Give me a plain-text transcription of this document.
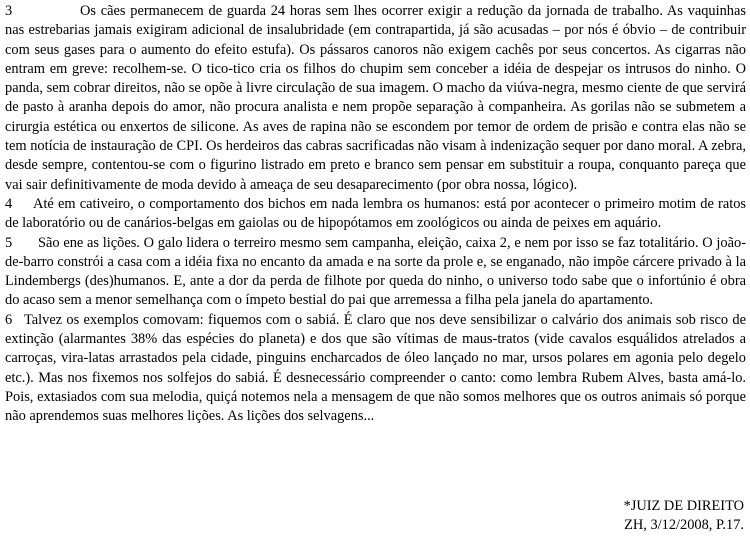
3	Os cães permanecem de guarda 24 horas sem lhes ocorrer exigir a redução da jornada de trabalho. As vaquinhas nas estrebarias jamais exigiram adicional de insalubridade (em contrapartida, já são acusadas – por nós é óbvio – de contribuir com seus gases para o aumento do efeito estufa). Os pássaros canoros não exigem cachês por seus concertos. As cigarras não entram em greve: recolhem-se. O tico-tico cria os filhos do chupim sem conceber a idéia de despejar os intrusos do ninho. O panda, sem cobrar direitos, não se opõe à livre circulação de sua imagem. O macho da viúva-negra, mesmo ciente de que servirá de pasto à aranha depois do amor, não procura analista e nem propõe separação à companheira. As gorilas não se submetem a cirurgia estética ou enxertos de silicone. As aves de rapina não se escondem por temor de ordem de prisão e contra elas não se tem notícia de instauração de CPI. Os herdeiros das cabras sacrificadas não visam à indenização sequer por dano moral. A zebra, desde sempre, contentou-se com o figurino listrado em preto e branco sem pensar em substituir a roupa, conquanto pareça que vai sair definitivamente de moda devido à ameaça de seu desaparecimento (por obra nossa, lógico).

4 Até em cativeiro, o comportamento dos bichos em nada lembra os humanos: está por acontecer o primeiro motim de ratos de laboratório ou de canários-belgas em gaiolas ou de hipopótamos em zoológicos ou ainda de peixes em aquário.

5 São ene as lições. O galo lidera o terreiro mesmo sem campanha, eleição, caixa 2, e nem por isso se faz totalitário. O joão-de-barro constrói a casa com a idéia fixa no encanto da amada e na sorte da prole e, se enganado, não impõe cárcere privado à la Lindembergs (des)humanos. E, ante a dor da perda de filhote por queda do ninho, o universo todo sabe que o infortúnio é obra do acaso sem a menor semelhança com o ímpeto bestial do pai que arremessa a filha pela janela do apartamento.

6 Talvez os exemplos comovam: fiquemos com o sabiá. É claro que nos deve sensibilizar o calvário dos animais sob risco de extinção (alarmantes 38% das espécies do planeta) e dos que são vítimas de maus-tratos (vide cavalos esquálidos atrelados a carroças, vira-latas arrastados pela cidade, pinguins encharcados de óleo lançado no mar, ursos polares em agonia pelo degelo etc.). Mas nos fixemos nos solfejos do sabiá. É desnecessário compreender o canto: como lembra Rubem Alves, basta amá-lo. Pois, extasiados com sua melodia, quiçá notemos nela a mensagem de que não somos melhores que os outros animais só porque não aprendemos suas melhores lições. As lições dos selvagens...

*JUIZ DE DIREITO
ZH, 3/12/2008, P.17.
